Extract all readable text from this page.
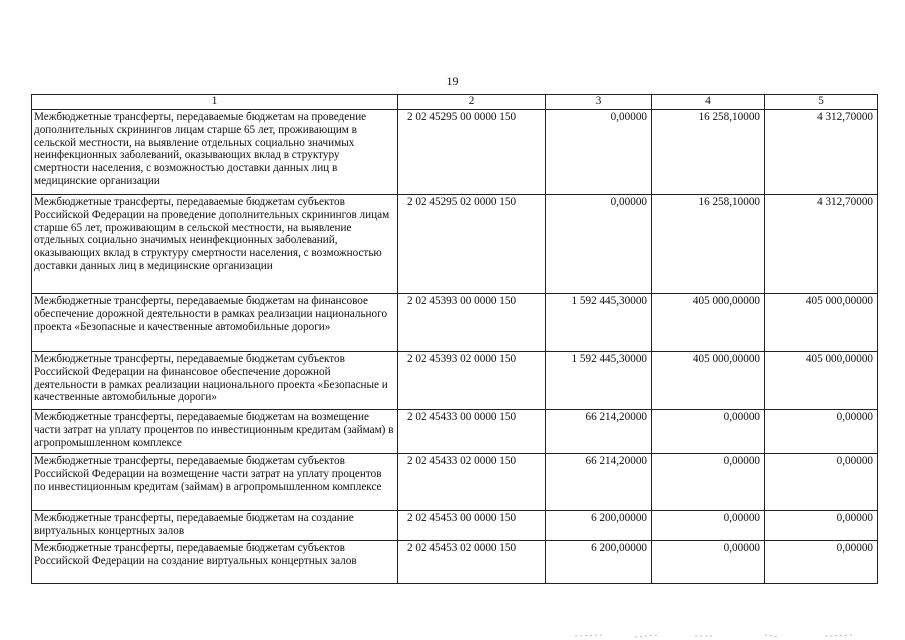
19
1	2	3	4	5
Межбюджетные трансферты, передаваемые бюджетам на проведение дополнительных скринингов лицам старше 65 лет, проживающим в сельской местности, на выявление отдельных социально значимых неинфекционных заболеваний, оказывающих вклад в структуру смертности населения, с возможностью доставки данных лиц в медицинские организации	2 02 45295 00 0000 150	0,00000	16 258,10000	4 312,70000
Межбюджетные трансферты, передаваемые бюджетам субъектов Российской Федерации на проведение дополнительных скринингов лицам старше 65 лет, проживающим в сельской местности, на выявление отдельных социально значимых неинфекционных заболеваний, оказывающих вклад в структуру смертности населения, с возможностью доставки данных лиц в медицинские организации	2 02 45295 02 0000 150	0,00000	16 258,10000	4 312,70000
Межбюджетные трансферты, передаваемые бюджетам на финансовое обеспечение дорожной деятельности в рамках реализации национального проекта «Безопасные и качественные автомобильные дороги»	2 02 45393 00 0000 150	1 592 445,30000	405 000,00000	405 000,00000
Межбюджетные трансферты, передаваемые бюджетам субъектов Российской Федерации на финансовое обеспечение дорожной деятельности в рамках реализации национального проекта «Безопасные и качественные автомобильные дороги»	2 02 45393 02 0000 150	1 592 445,30000	405 000,00000	405 000,00000
Межбюджетные трансферты, передаваемые бюджетам на возмещение части затрат на уплату процентов по инвестиционным кредитам (займам) в агропромышленном комплексе	2 02 45433 00 0000 150	66 214,20000	0,00000	0,00000
Межбюджетные трансферты, передаваемые бюджетам субъектов Российской Федерации на возмещение части затрат на уплату процентов по инвестиционным кредитам (займам) в агропромышленном комплексе	2 02 45433 02 0000 150	66 214,20000	0,00000	0,00000
Межбюджетные трансферты, передаваемые бюджетам на создание виртуальных концертных залов	2 02 45453 00 0000 150	6 200,00000	0,00000	0,00000
Межбюджетные трансферты, передаваемые бюджетам субъектов Российской Федерации на создание виртуальных концертных залов	2 02 45453 02 0000 150	6 200,00000	0,00000	0,00000
